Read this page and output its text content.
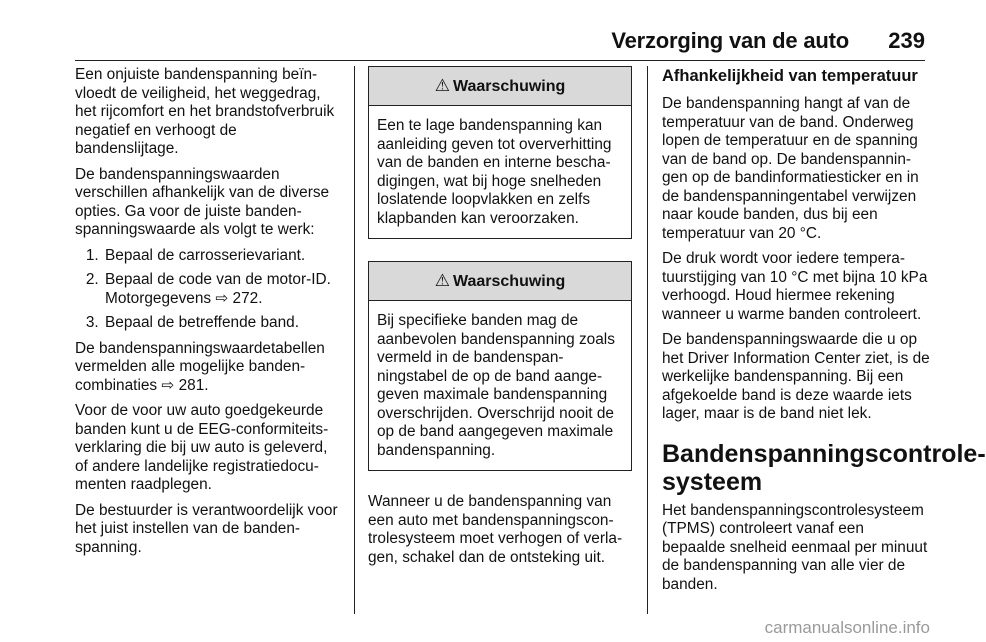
Verzorging van de auto 239

Een onjuiste bandenspanning beïnvloedt de veiligheid, het weggedrag, het rijcomfort en het brandstofverbruik negatief en verhoogt de bandenslijtage.

De bandenspanningswaarden verschillen afhankelijk van de diverse opties. Ga voor de juiste bandenspanningswaarde als volgt te werk:

1. Bepaal de carrosserievariant.
2. Bepaal de code van de motor-ID. Motorgegevens ⇨ 272.
3. Bepaal de betreffende band.

De bandenspanningswaardetabellen vermelden alle mogelijke bandencombinaties ⇨ 281.

Voor de voor uw auto goedgekeurde banden kunt u de EEG-conformiteitsverklaring die bij uw auto is geleverd, of andere landelijke registratiedocumenten raadplegen.

De bestuurder is verantwoordelijk voor het juist instellen van de bandenspanning.

⚠ Waarschuwing
Een te lage bandenspanning kan aanleiding geven tot oververhitting van de banden en interne beschadigingen, wat bij hoge snelheden loslatende loopvlakken en zelfs klapbanden kan veroorzaken.
⚠ Waarschuwing
Bij specifieke banden mag de aanbevolen bandenspanning zoals vermeld in de bandenspanningstabel de op de band aangegeven maximale bandenspanning overschrijden. Overschrijd nooit de op de band aangegeven maximale bandenspanning.

Wanneer u de bandenspanning van een auto met bandenspanningscontrolesysteem moet verhogen of verlagen, schakel dan de ontsteking uit.

Afhankelijkheid van temperatuur

De bandenspanning hangt af van de temperatuur van de band. Onderweg lopen de temperatuur en de spanning van de band op. De bandenspanningen op de bandinformatiesticker en in de bandenspanningentabel verwijzen naar koude banden, dus bij een temperatuur van 20 °C.

De druk wordt voor iedere temperatuurstijging van 10 °C met bijna 10 kPa verhoogd. Houd hiermee rekening wanneer u warme banden controleert.

De bandenspanningswaarde die u op het Driver Information Center ziet, is de werkelijke bandenspanning. Bij een afgekoelde band is deze waarde iets lager, maar is de band niet lek.

Bandenspanningscontrolesysteem

Het bandenspanningscontrolesysteem (TPMS) controleert vanaf een bepaalde snelheid eenmaal per minuut de bandenspanning van alle vier de banden.

carmanualsonline.info
